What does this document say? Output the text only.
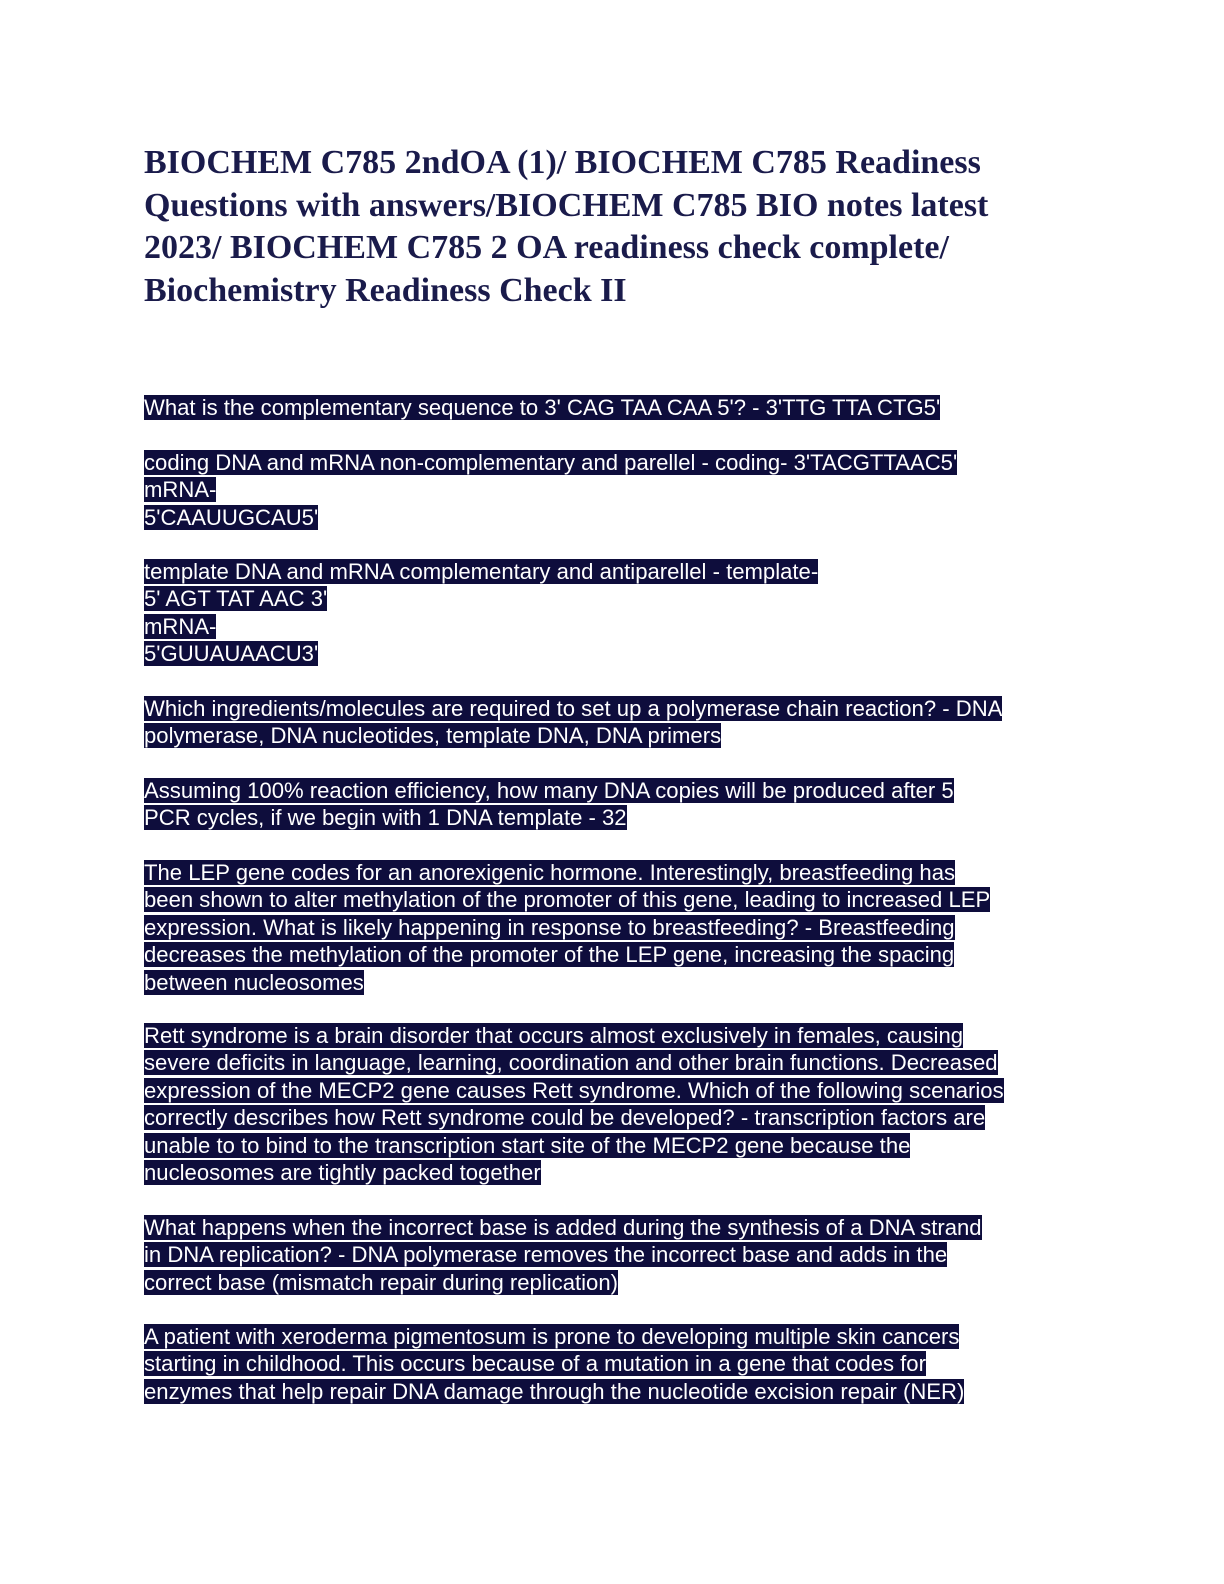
BIOCHEM C785 2ndOA (1)/ BIOCHEM C785 Readiness
Questions with answers/BIOCHEM C785 BIO notes latest
2023/ BIOCHEM C785 2 OA readiness check complete/
Biochemistry Readiness Check II

What is the complementary sequence to 3' CAG TAA CAA 5'? - 3'TTG TTA CTG5'

coding DNA and mRNA non-complementary and parellel - coding- 3'TACGTTAAC5'
mRNA-
5'CAAUUGCAU5'

template DNA and mRNA complementary and antiparellel - template-
5' AGT TAT AAC 3'
mRNA-
5'GUUAUAACU3'

Which ingredients/molecules are required to set up a polymerase chain reaction? - DNA
polymerase, DNA nucleotides, template DNA, DNA primers

Assuming 100% reaction efficiency, how many DNA copies will be produced after 5
PCR cycles, if we begin with 1 DNA template - 32

The LEP gene codes for an anorexigenic hormone. Interestingly, breastfeeding has
been shown to alter methylation of the promoter of this gene, leading to increased LEP
expression. What is likely happening in response to breastfeeding? - Breastfeeding
decreases the methylation of the promoter of the LEP gene, increasing the spacing
between nucleosomes

Rett syndrome is a brain disorder that occurs almost exclusively in females, causing
severe deficits in language, learning, coordination and other brain functions. Decreased
expression of the MECP2 gene causes Rett syndrome. Which of the following scenarios
correctly describes how Rett syndrome could be developed? - transcription factors are
unable to to bind to the transcription start site of the MECP2 gene because the
nucleosomes are tightly packed together

What happens when the incorrect base is added during the synthesis of a DNA strand
in DNA replication? - DNA polymerase removes the incorrect base and adds in the
correct base (mismatch repair during replication)

A patient with xeroderma pigmentosum is prone to developing multiple skin cancers
starting in childhood. This occurs because of a mutation in a gene that codes for
enzymes that help repair DNA damage through the nucleotide excision repair (NER)
